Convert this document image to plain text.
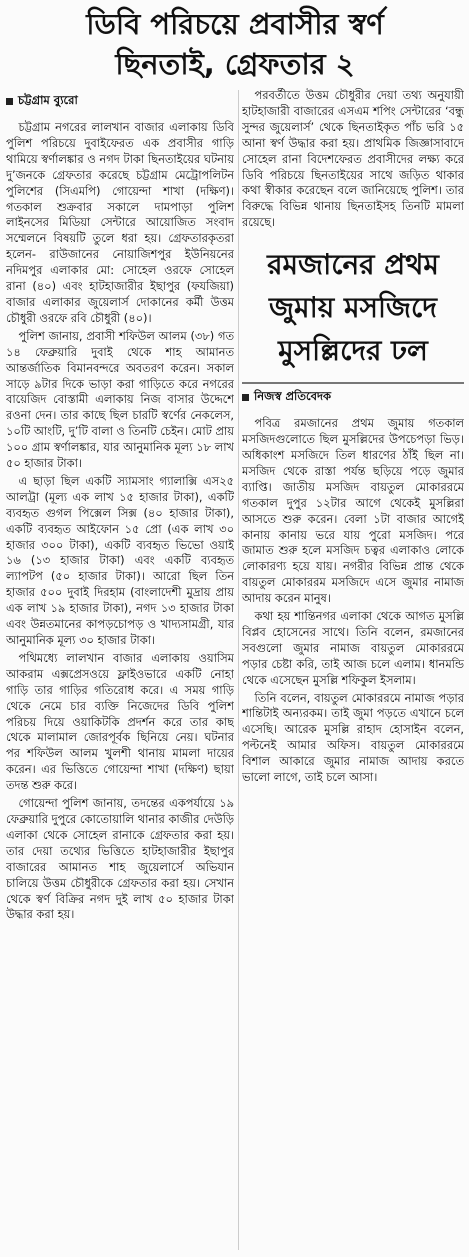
ডিবি পরিচয়ে প্রবাসীর স্বর্ণ
ছিনতাই, গ্রেফতার ২
চট্টগ্রাম ব্যুরো

চট্টগ্রাম নগরের লালখান বাজার এলাকায় ডিবি পুলিশ পরিচয়ে দুবাইফেরত এক প্রবাসীর গাড়ি থামিয়ে স্বর্ণালঙ্কার ও নগদ টাকা ছিনতাইয়ের ঘটনায় দু’জনকে গ্রেফতার করেছে চট্টগ্রাম মেট্রোপলিটন পুলিশের (সিএমপি) গোয়েন্দা শাখা (দক্ষিণ)। গতকাল শুক্রবার সকালে দামপাড়া পুলিশ লাইনসের মিডিয়া সেন্টারে আয়োজিত সংবাদ সম্মেলনে বিষয়টি তুলে ধরা হয়। গ্রেফতারকৃতরা হলেন- রাউজানের নোয়াজিশপুর ইউনিয়নের নদিমপুর এলাকার মো: সোহেল ওরফে সোহেল রানা (৪০) এবং হাটহাজারীর ইছাপুর (ফযজিয়া) বাজার এলাকার জুয়েলার্স দোকানের কর্মী উত্তম চৌধুরী ওরফে রবি চৌধুরী (৪০)।

পুলিশ জানায়, প্রবাসী শফিউল আলম (৩৮) গত ১৪ ফেব্রুয়ারি দুবাই থেকে শাহ আমানত আন্তর্জাতিক বিমানবন্দরে অবতরণ করেন। সকাল সাড়ে ৯টার দিকে ভাড়া করা গাড়িতে করে নগরের বায়েজিদ বোস্তামী এলাকায় নিজ বাসার উদ্দেশে রওনা দেন। তার কাছে ছিল চারটি স্বর্ণের নেকলেস, ১০টি আংটি, দু’টি বালা ও তিনটি চেইন। মোট প্রায় ১০০ গ্রাম স্বর্ণালঙ্কার, যার আনুমানিক মূল্য ১৮ লাখ ৫০ হাজার টাকা।

এ ছাড়া ছিল একটি স্যামসাং গ্যালাক্সি এস২৫ আলট্রা (মূল্য এক লাখ ১৫ হাজার টাকা), একটি ব্যবহৃত গুগল পিক্সেল সিক্স (৪০ হাজার টাকা), একটি ব্যবহৃত আইফোন ১৫ প্রো (এক লাখ ৩০ হাজার ৩০০ টাকা), একটি ব্যবহৃত ভিভো ওয়াই ১৬ (১৩ হাজার টাকা) এবং একটি ব্যবহৃত ল্যাপটপ (৫০ হাজার টাকা)। আরো ছিল তিন হাজার ৫০০ দুবাই দিরহাম (বাংলাদেশী মুদ্রায় প্রায় এক লাখ ১৯ হাজার টাকা), নগদ ১৩ হাজার টাকা এবং উন্নতমানের কাপড়চোপড় ও খাদ্যসামগ্রী, যার আনুমানিক মূল্য ৩০ হাজার টাকা।

পথিমধ্যে লালখান বাজার এলাকায় ওয়াসিম আকরাম এক্সপ্রেসওয়ে ফ্লাইওভারে একটি নোহা গাড়ি তার গাড়ির গতিরোধ করে। এ সময় গাড়ি থেকে নেমে চার ব্যক্তি নিজেদের ডিবি পুলিশ পরিচয় দিয়ে ওয়াকিটকি প্রদর্শন করে তার কাছ থেকে মালামাল জোরপূর্বক ছিনিয়ে নেয়। ঘটনার পর শফিউল আলম খুলশী থানায় মামলা দায়ের করেন। এর ভিত্তিতে গোয়েন্দা শাখা (দক্ষিণ) ছায়া তদন্ত শুরু করে।

গোয়েন্দা পুলিশ জানায়, তদন্তের একপর্যায়ে ১৯ ফেব্রুয়ারি দুপুরে কোতোয়ালি থানার কাজীর দেউড়ি এলাকা থেকে সোহেল রানাকে গ্রেফতার করা হয়। তার দেয়া তথ্যের ভিত্তিতে হাটহাজারীর ইছাপুর বাজারের আমানত শাহ জুয়েলার্সে অভিযান চালিয়ে উত্তম চৌধুরীকে গ্রেফতার করা হয়। সেখান থেকে স্বর্ণ বিক্রির নগদ দুই লাখ ৫০ হাজার টাকা উদ্ধার করা হয়।

পরবর্তীতে উত্তম চৌধুরীর দেয়া তথ্য অনুযায়ী হাটহাজারী বাজারের এসএম শপিং সেন্টারের ‘বন্ধু সুন্দর জুয়েলার্স’ থেকে ছিনতাইকৃত পাঁচ ভরি ১৫ আনা স্বর্ণ উদ্ধার করা হয়। প্রাথমিক জিজ্ঞাসাবাদে সোহেল রানা বিদেশফেরত প্রবাসীদের লক্ষ্য করে ডিবি পরিচয়ে ছিনতাইয়ের সাথে জড়িত থাকার কথা স্বীকার করেছেন বলে জানিয়েছে পুলিশ। তার বিরুদ্ধে বিভিন্ন থানায় ছিনতাইসহ তিনটি মামলা রয়েছে।

রমজানের প্রথম
জুমায় মসজিদে
মুসল্লিদের ঢল
নিজস্ব প্রতিবেদক

পবিত্র রমজানের প্রথম জুমায় গতকাল মসজিদগুলোতে ছিল মুসল্লিদের উপচেপড়া ভিড়। অধিকাংশ মসজিদে তিল ধারণের ঠাঁই ছিল না। মসজিদ থেকে রাস্তা পর্যন্ত ছড়িয়ে পড়ে জুমার ব্যাপ্তি। জাতীয় মসজিদ বায়তুল মোকাররমে গতকাল দুপুর ১২টার আগে থেকেই মুসল্লিরা আসতে শুরু করেন। বেলা ১টা বাজার আগেই কানায় কানায় ভরে যায় পুরো মসজিদ। পরে জামাত শুরু হলে মসজিদ চত্বর এলাকাও লোকে লোকারণ্য হয়ে যায়। নগরীর বিভিন্ন প্রান্ত থেকে বায়তুল মোকাররম মসজিদে এসে জুমার নামাজ আদায় করেন মানুষ।

কথা হয় শান্তিনগর এলাকা থেকে আগত মুসল্লি বিপ্লব হোসেনের সাথে। তিনি বলেন, রমজানের সবগুলো জুমার নামাজ বায়তুল মোকাররমে পড়ার চেষ্টা করি, তাই আজ চলে এলাম। ধানমন্ডি থেকে এসেছেন মুসল্লি শফিকুল ইসলাম।

তিনি বলেন, বায়তুল মোকাররমে নামাজ পড়ার শান্তিটাই অন্যরকম। তাই জুমা পড়তে এখানে চলে এসেছি। আরেক মুসল্লি রাহাদ হোসাইন বলেন, পল্টনেই আমার অফিস। বায়তুল মোকাররমে বিশাল আকারে জুমার নামাজ আদায় করতে ভালো লাগে, তাই চলে আসা।
